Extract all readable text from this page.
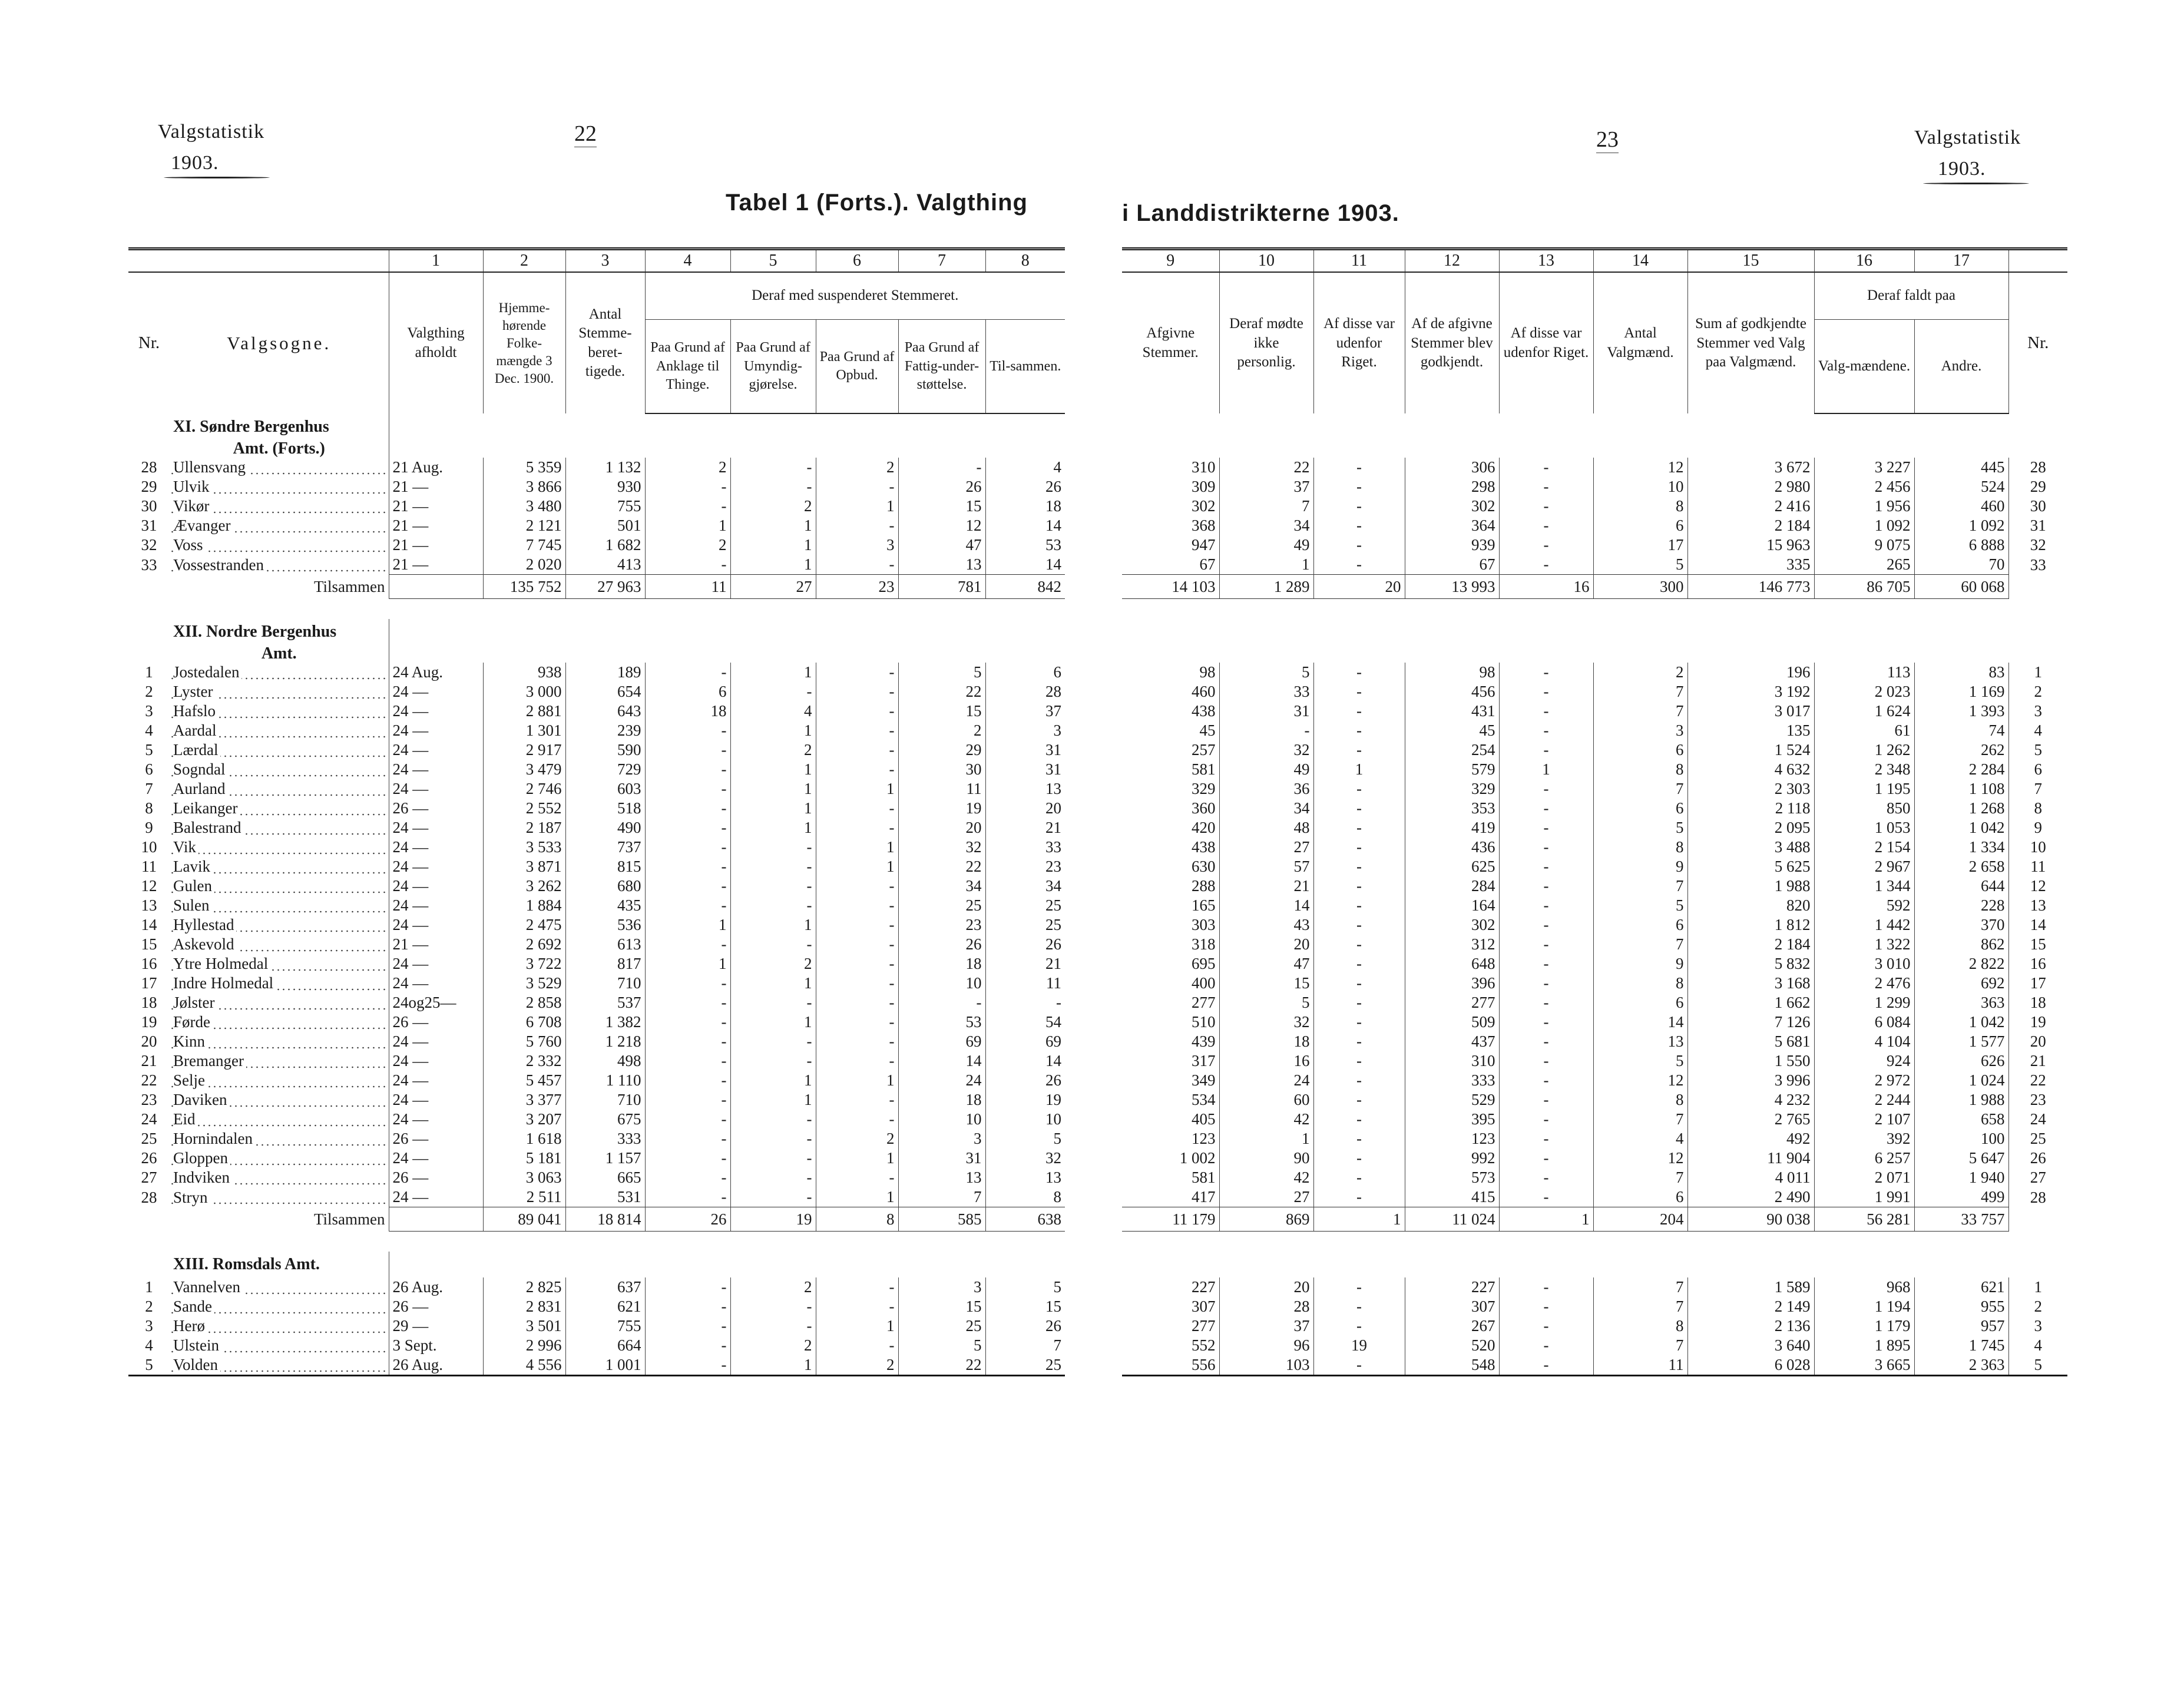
Valgstatistik
1903.
22	23	Valgstatistik
1903.
Tabel 1 (Forts.). Valgthing	i Landdistrikterne 1903.
		1	2	3	4	5	6	7	8
Nr.	Valgsogne.	Valgthing afholdt	Hjemme-hørende Folke-mængde 3 Dec. 1900.	Antal Stemme-beret-tigede.	Deraf med suspenderet Stemmeret.				
					Paa Grund af Anklage til Thinge.	Paa Grund af Umyndig-gjørelse.	Paa Grund af Opbud.	Paa Grund af Fattig-under-støttelse.	Til-sammen.
	XI. Søndre Bergenhus								
	Amt. (Forts.)								
28	Ullensvang	21 Aug.	5 359	1 132	2	-	2	-	4
29	Ulvik	21 —	3 866	930	-	-	-	26	26
30	Vikør	21 —	3 480	755	-	2	1	15	18
31	Ævanger	21 —	2 121	501	1	1	-	12	14
32	Voss	21 —	7 745	1 682	2	1	3	47	53
33	Vossestranden	21 —	2 020	413	-	1	-	13	14
	Tilsammen		135 752	27 963	11	27	23	781	842

	XII. Nordre Bergenhus								
	Amt.								
1	Jostedalen	24 Aug.	938	189	-	1	-	5	6
2	Lyster	24 —	3 000	654	6	-	-	22	28
3	Hafslo	24 —	2 881	643	18	4	-	15	37
4	Aardal	24 —	1 301	239	-	1	-	2	3
5	Lærdal	24 —	2 917	590	-	2	-	29	31
6	Sogndal	24 —	3 479	729	-	1	-	30	31
7	Aurland	24 —	2 746	603	-	1	1	11	13
8	Leikanger	26 —	2 552	518	-	1	-	19	20
9	Balestrand	24 —	2 187	490	-	1	-	20	21
10	Vik	24 —	3 533	737	-	-	1	32	33
11	Lavik	24 —	3 871	815	-	-	1	22	23
12	Gulen	24 —	3 262	680	-	-	-	34	34
13	Sulen	24 —	1 884	435	-	-	-	25	25
14	Hyllestad	24 —	2 475	536	1	1	-	23	25
15	Askevold	21 —	2 692	613	-	-	-	26	26
16	Ytre Holmedal	24 —	3 722	817	1	2	-	18	21
17	Indre Holmedal	24 —	3 529	710	-	1	-	10	11
18	Jølster	24og25—	2 858	537	-	-	-	-	-
19	Førde	26 —	6 708	1 382	-	1	-	53	54
20	Kinn	24 —	5 760	1 218	-	-	-	69	69
21	Bremanger	24 —	2 332	498	-	-	-	14	14
22	Selje	24 —	5 457	1 110	-	1	1	24	26
23	Daviken	24 —	3 377	710	-	1	-	18	19
24	Eid	24 —	3 207	675	-	-	-	10	10
25	Hornindalen	26 —	1 618	333	-	-	2	3	5
26	Gloppen	24 —	5 181	1 157	-	-	1	31	32
27	Indviken	26 —	3 063	665	-	-	-	13	13
28	Stryn	24 —	2 511	531	-	-	1	7	8
	Tilsammen		89 041	18 814	26	19	8	585	638

	XIII. Romsdals Amt.								
1	Vannelven	26 Aug.	2 825	637	-	2	-	3	5
2	Sande	26 —	2 831	621	-	-	-	15	15
3	Herø	29 —	3 501	755	-	-	1	25	26
4	Ulstein	3 Sept.	2 996	664	-	2	-	5	7
5	Volden	26 Aug.	4 556	1 001	-	1	2	22	25
9	10	11	12	13	14	15	16	17	
Afgivne Stemmer.	Deraf mødte ikke personlig.	Af disse var udenfor Riget.	Af de afgivne Stemmer blev godkjendt.	Af disse var udenfor Riget.	Antal Valgmænd.	Sum af godkjendte Stemmer ved Valg paa Valgmænd.	Deraf faldt paa		Nr.
							Valg-mændene.	Andre.	

310	22	-	306	-	12	3 672	3 227	445	28
309	37	-	298	-	10	2 980	2 456	524	29
302	7	-	302	-	8	2 416	1 956	460	30
368	34	-	364	-	6	2 184	1 092	1 092	31
947	49	-	939	-	17	15 963	9 075	6 888	32
67	1	-	67	-	5	335	265	70	33
14 103	1 289	20	13 993	16	300	146 773	86 705	60 068	

98	5	-	98	-	2	196	113	83	1
460	33	-	456	-	7	3 192	2 023	1 169	2
438	31	-	431	-	7	3 017	1 624	1 393	3
45	-	-	45	-	3	135	61	74	4
257	32	-	254	-	6	1 524	1 262	262	5
581	49	1	579	1	8	4 632	2 348	2 284	6
329	36	-	329	-	7	2 303	1 195	1 108	7
360	34	-	353	-	6	2 118	850	1 268	8
420	48	-	419	-	5	2 095	1 053	1 042	9
438	27	-	436	-	8	3 488	2 154	1 334	10
630	57	-	625	-	9	5 625	2 967	2 658	11
288	21	-	284	-	7	1 988	1 344	644	12
165	14	-	164	-	5	820	592	228	13
303	43	-	302	-	6	1 812	1 442	370	14
318	20	-	312	-	7	2 184	1 322	862	15
695	47	-	648	-	9	5 832	3 010	2 822	16
400	15	-	396	-	8	3 168	2 476	692	17
277	5	-	277	-	6	1 662	1 299	363	18
510	32	-	509	-	14	7 126	6 084	1 042	19
439	18	-	437	-	13	5 681	4 104	1 577	20
317	16	-	310	-	5	1 550	924	626	21
349	24	-	333	-	12	3 996	2 972	1 024	22
534	60	-	529	-	8	4 232	2 244	1 988	23
405	42	-	395	-	7	2 765	2 107	658	24
123	1	-	123	-	4	492	392	100	25
1 002	90	-	992	-	12	11 904	6 257	5 647	26
581	42	-	573	-	7	4 011	2 071	1 940	27
417	27	-	415	-	6	2 490	1 991	499	28
11 179	869	1	11 024	1	204	90 038	56 281	33 757	

227	20	-	227	-	7	1 589	968	621	1
307	28	-	307	-	7	2 149	1 194	955	2
277	37	-	267	-	8	2 136	1 179	957	3
552	96	19	520	-	7	3 640	1 895	1 745	4
556	103	-	548	-	11	6 028	3 665	2 363	5
